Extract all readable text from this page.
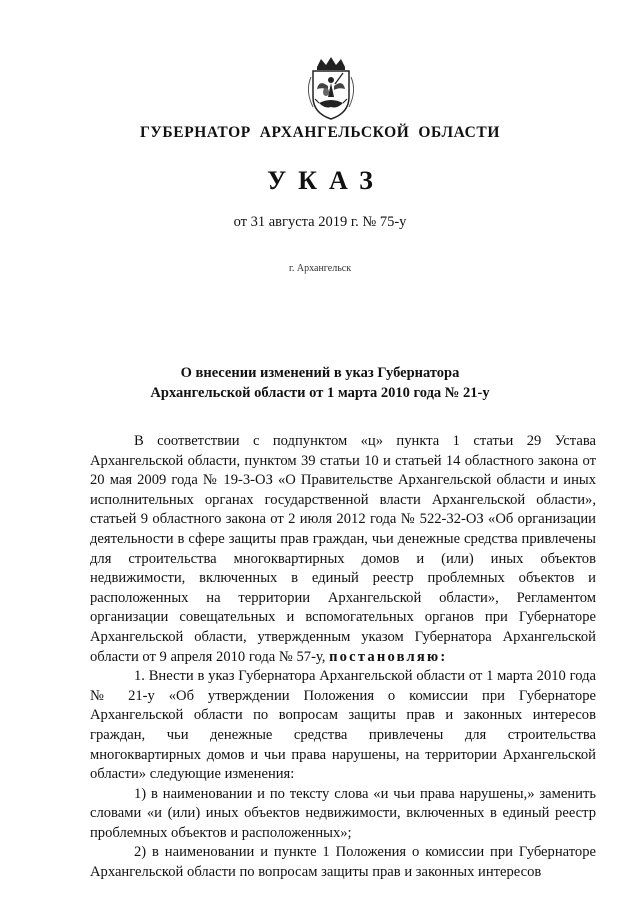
ГУБЕРНАТОР  АРХАНГЕЛЬСКОЙ  ОБЛАСТИ
УКАЗ
от 31 августа 2019 г. № 75-у
г. Архангельск
О внесении изменений в указ Губернатора
Архангельской области от 1 марта 2010 года № 21-у

В соответствии с подпунктом «ц» пункта 1 статьи 29 Устава Архангельской области, пунктом 39 статьи 10 и статьей 14 областного закона от 20 мая 2009 года № 19-3-ОЗ «О Правительстве Архангельской области и иных исполнительных органах государственной власти Архангельской области», статьей 9 областного закона от 2 июля 2012 года № 522-32-ОЗ «Об организации деятельности в сфере защиты прав граждан, чьи денежные средства привлечены для строительства многоквартирных домов и (или) иных объектов недвижимости, включенных в единый реестр проблемных объектов и расположенных на территории Архангельской области», Регламентом организации совещательных и вспомогательных органов при Губернаторе Архангельской области, утвержденным указом Губернатора Архангельской области от 9 апреля 2010 года № 57-у, постановляю:

1. Внести в указ Губернатора Архангельской области от 1 марта 2010 года № 21-у «Об утверждении Положения о комиссии при Губернаторе Архангельской области по вопросам защиты прав и законных интересов граждан, чьи денежные средства привлечены для строительства многоквартирных домов и чьи права нарушены, на территории Архангельской области» следующие изменения:

1) в наименовании и по тексту слова «и чьи права нарушены,» заменить словами «и (или) иных объектов недвижимости, включенных в единый реестр проблемных объектов и расположенных»;

2) в наименовании и пункте 1 Положения о комиссии при Губернаторе Архангельской области по вопросам защиты прав и законных интересов
